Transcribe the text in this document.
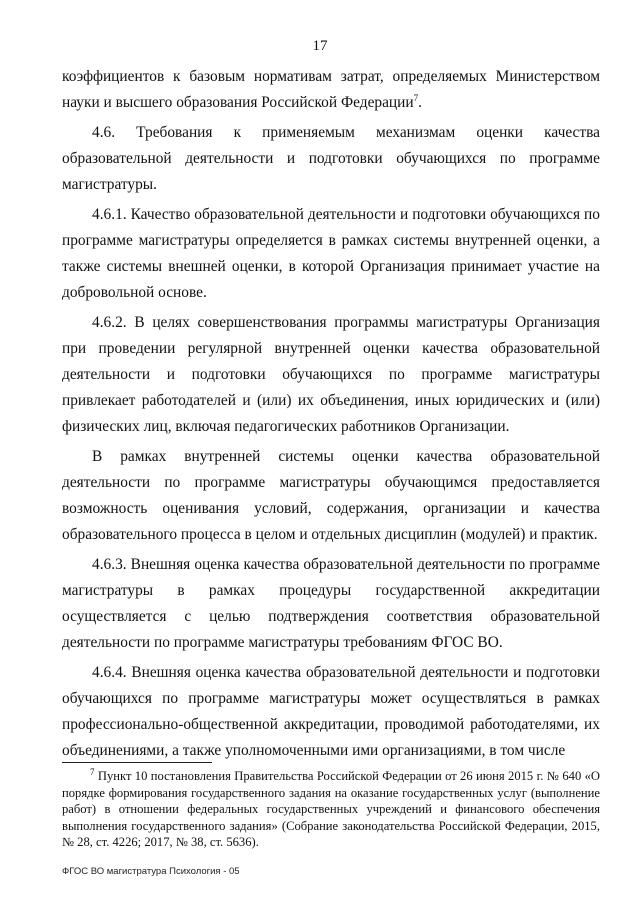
17

коэффициентов к базовым нормативам затрат, определяемых Министерством науки и высшего образования Российской Федерации$^7$.

4.6. Требования к применяемым механизмам оценки качества образовательной деятельности и подготовки обучающихся по программе магистратуры.

4.6.1. Качество образовательной деятельности и подготовки обучающихся по программе магистратуры определяется в рамках системы внутренней оценки, а также системы внешней оценки, в которой Организация принимает участие на добровольной основе.

4.6.2. В целях совершенствования программы магистратуры Организация при проведении регулярной внутренней оценки качества образовательной деятельности и подготовки обучающихся по программе магистратуры привлекает работодателей и (или) их объединения, иных юридических и (или) физических лиц, включая педагогических работников Организации.

В рамках внутренней системы оценки качества образовательной деятельности по программе магистратуры обучающимся предоставляется возможность оценивания условий, содержания, организации и качества образовательного процесса в целом и отдельных дисциплин (модулей) и практик.

4.6.3. Внешняя оценка качества образовательной деятельности по программе магистратуры в рамках процедуры государственной аккредитации осуществляется с целью подтверждения соответствия образовательной деятельности по программе магистратуры требованиям ФГОС ВО.

4.6.4. Внешняя оценка качества образовательной деятельности и подготовки обучающихся по программе магистратуры может осуществляться в рамках профессионально-общественной аккредитации, проводимой работодателями, их объединениями, а также уполномоченными ими организациями, в том числе

$^7$ Пункт 10 постановления Правительства Российской Федерации от 26 июня 2015 г. № 640 «О порядке формирования государственного задания на оказание государственных услуг (выполнение работ) в отношении федеральных государственных учреждений и финансового обеспечения выполнения государственного задания» (Собрание законодательства Российской Федерации, 2015, № 28, ст. 4226; 2017, № 38, ст. 5636).
ФГОС ВО магистратура Психология - 05
